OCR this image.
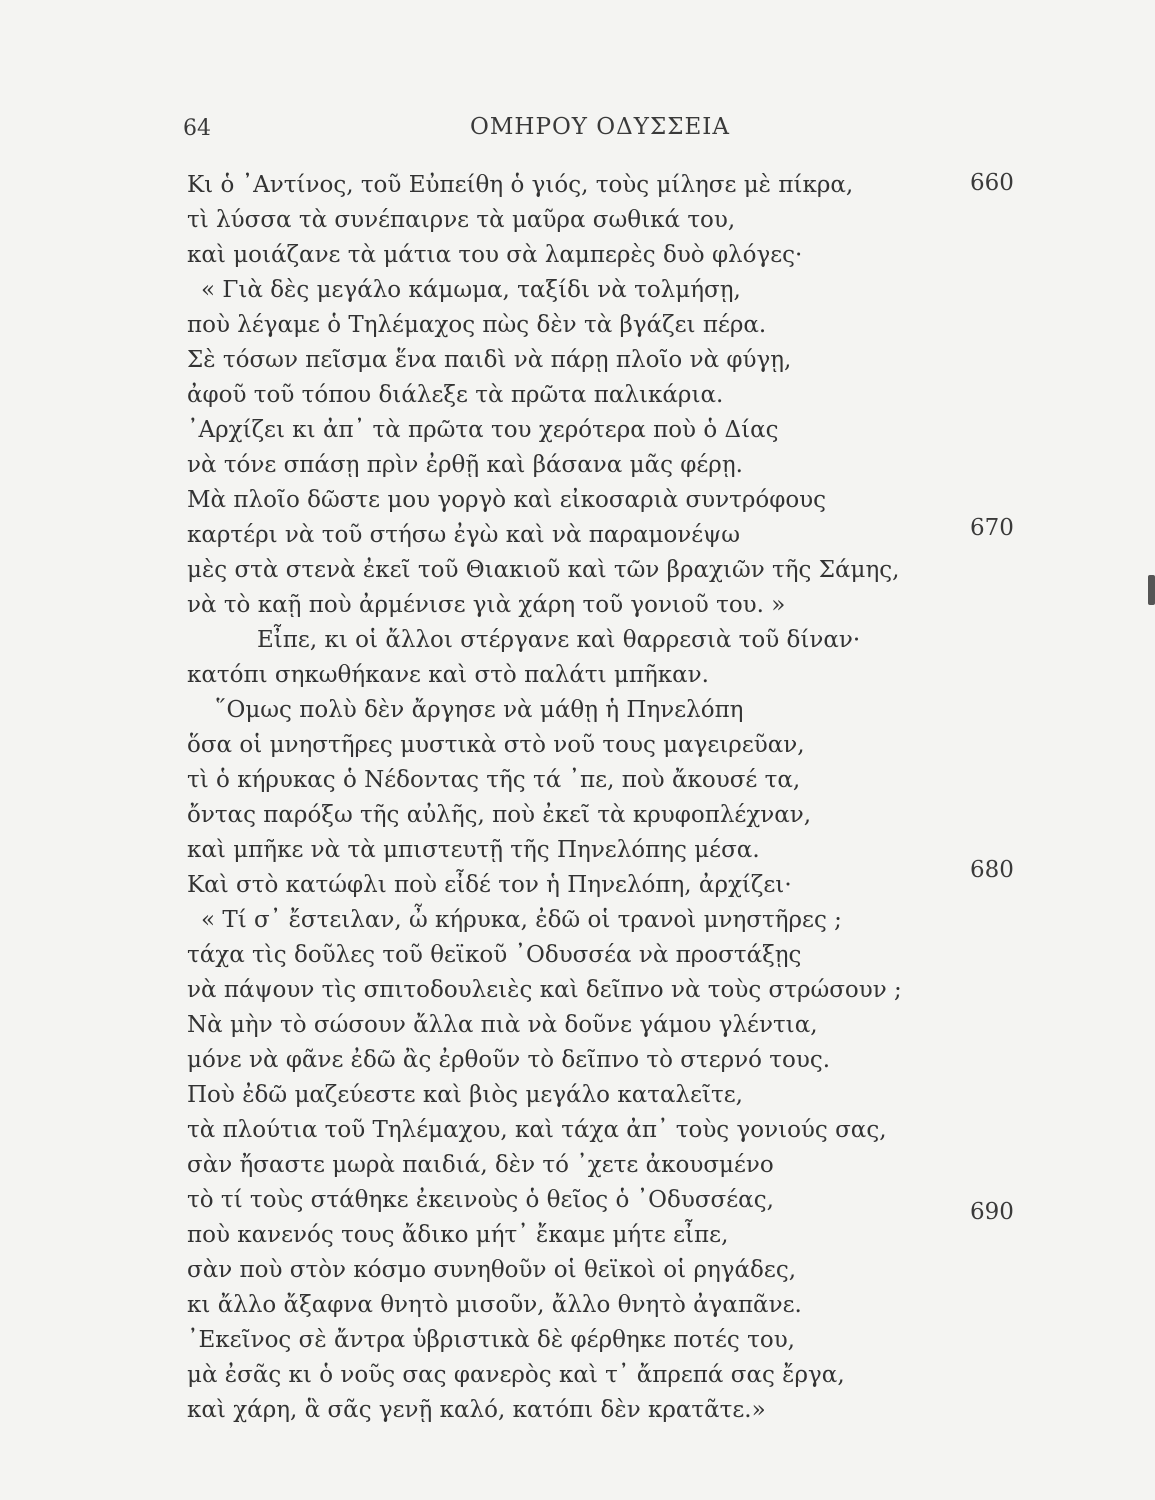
64	ΟΜΗΡΟΥ ΟΔΥΣΣΕΙΑ
Κι ὁ ᾽Αντίνος, τοῦ Εὐπείθη ὁ γιός, τοὺς μίλησε μὲ πίκρα,
τὶ λύσσα τὰ συνέπαιρνε τὰ μαῦρα σωθικά του,
καὶ μοιάζανε τὰ μάτια του σὰ λαμπερὲς δυὸ φλόγες·
« Γιὰ δὲς μεγάλο κάμωμα, ταξίδι νὰ τολμήσῃ,
ποὺ λέγαμε ὁ Τηλέμαχος πὼς δὲν τὰ βγάζει πέρα.
Σὲ τόσων πεῖσμα ἕνα παιδὶ νὰ πάρῃ πλοῖο νὰ φύγῃ,
ἀφοῦ τοῦ τόπου διάλεξε τὰ πρῶτα παλικάρια.
᾽Αρχίζει κι ἀπ᾽ τὰ πρῶτα του χερότερα ποὺ ὁ Δίας
νὰ τόνε σπάσῃ πρὶν ἐρθῇ καὶ βάσανα μᾶς φέρῃ.
Μὰ πλοῖο δῶστε μου γοργὸ καὶ εἰκοσαριὰ συντρόφους
καρτέρι νὰ τοῦ στήσω ἐγὼ καὶ νὰ παραμονέψω
μὲς στὰ στενὰ ἐκεῖ τοῦ Θιακιοῦ καὶ τῶν βραχιῶν τῆς Σάμης,
νὰ τὸ καῇ ποὺ ἀρμένισε γιὰ χάρη τοῦ γονιοῦ του. »
Εἶπε, κι οἱ ἄλλοι στέργανε καὶ θαρρεσιὰ τοῦ δίναν·
κατόπι σηκωθήκανε καὶ στὸ παλάτι μπῆκαν.
῞Ομως πολὺ δὲν ἄργησε νὰ μάθῃ ἡ Πηνελόπη
ὅσα οἱ μνηστῆρες μυστικὰ στὸ νοῦ τους μαγειρεῦαν,
τὶ ὁ κήρυκας ὁ Νέδοντας τῆς τά ᾽πε, ποὺ ἄκουσέ τα,
ὄντας παρόξω τῆς αὐλῆς, ποὺ ἐκεῖ τὰ κρυφοπλέχναν,
καὶ μπῆκε νὰ τὰ μπιστευτῇ τῆς Πηνελόπης μέσα.
Καὶ στὸ κατώφλι ποὺ εἶδέ τον ἡ Πηνελόπη, ἀρχίζει·
« Τί σ᾽ ἔστειλαν, ὦ κήρυκα, ἐδῶ οἱ τρανοὶ μνηστῆρες ;
τάχα τὶς δοῦλες τοῦ θεϊκοῦ ᾽Οδυσσέα νὰ προστάξῃς
νὰ πάψουν τὶς σπιτοδουλειὲς καὶ δεῖπνο νὰ τοὺς στρώσουν ;
Νὰ μὴν τὸ σώσουν ἄλλα πιὰ νὰ δοῦνε γάμου γλέντια,
μόνε νὰ φᾶνε ἐδῶ ἂς ἐρθοῦν τὸ δεῖπνο τὸ στερνό τους.
Ποὺ ἐδῶ μαζεύεστε καὶ βιὸς μεγάλο καταλεῖτε,
τὰ πλούτια τοῦ Τηλέμαχου, καὶ τάχα ἀπ᾽ τοὺς γονιούς σας,
σὰν ἤσαστε μωρὰ παιδιά, δὲν τό ᾽χετε ἀκουσμένο
τὸ τί τοὺς στάθηκε ἐκεινοὺς ὁ θεῖος ὁ ᾽Οδυσσέας,
ποὺ κανενός τους ἄδικο μήτ᾽ ἔκαμε μήτε εἶπε,
σὰν ποὺ στὸν κόσμο συνηθοῦν οἱ θεϊκοὶ οἱ ρηγάδες,
κι ἄλλο ἄξαφνα θνητὸ μισοῦν, ἄλλο θνητὸ ἀγαπᾶνε.
᾽Εκεῖνος σὲ ἄντρα ὑβριστικὰ δὲ φέρθηκε ποτές του,
μὰ ἐσᾶς κι ὁ νοῦς σας φανερὸς καὶ τ᾽ ἄπρεπά σας ἔργα,
καὶ χάρη, ἃ σᾶς γενῇ καλό, κατόπι δὲν κρατᾶτε.»
660
670
680
690
